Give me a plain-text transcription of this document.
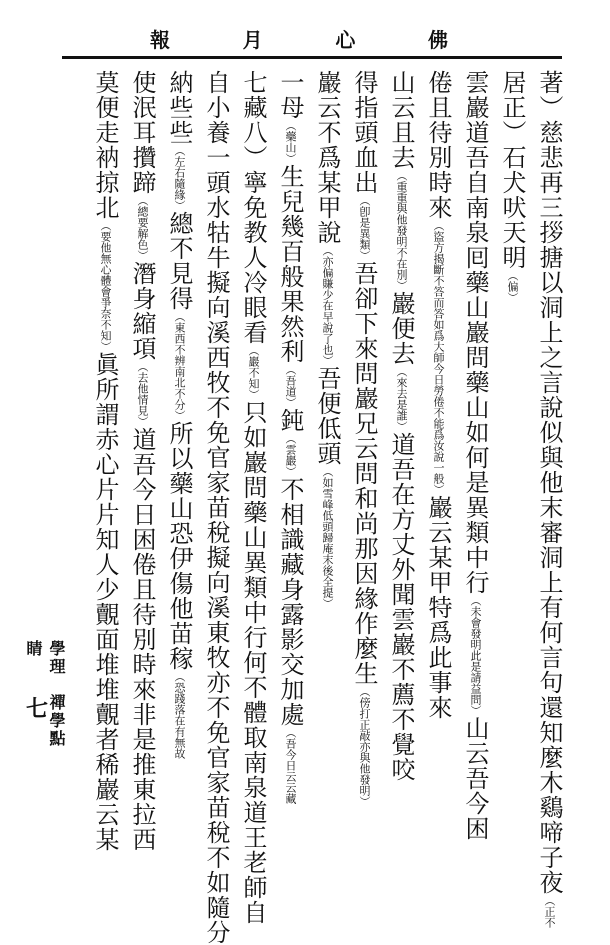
報	月	心	佛
著）慈悲再三拶搪以洞上之言說似與他末審洞上有何言句還知麼木鷄啼子夜（正不
居正）石犬吠天明（偏）
雲巖道吾自南泉囘藥山巖問藥山如何是異類中行（未會發明此是請益問）山云吾今困
倦且待別時來（盜方揭斷不答而答如爲大師今日勞倦不能爲汝說一般）巖云某甲特爲此事來
山云且去（重重與他發明不在別）巖便去（來去是誰）道吾在方丈外聞雲巖不薦不覺咬
得指頭血出（卽是異類）吾卻下來問巖兄云問和尚那因緣作麼生（傍打正敲亦與他發明）
巖云不爲某甲說（亦偏賺少在早說了也）吾便低頭（如雪峰低頭歸庵末後全提）
一母（藥山）生兒幾百般果然利（吾道）鈍（雲巖）不相識藏身露影交加處（吾今日云云藏
七藏八）寧免教人冷眼看（巖不知）只如巖問藥山異類中行何不體取南泉道王老師自
自小養一頭水牯牛擬向溪西牧不免官家苗稅擬向溪東牧亦不免官家苗稅不如隨分
納些些（左右隨緣）總不見得（東西不辨南北不分）所以藥山恐伊傷他苗稼（恐踐落在有無故
使泯耳攢蹄（總要解色）潛身縮項（去他情見）道吾今日困倦且待別時來非是推東拉西
莫便走衲掠北（要他無心體會爭奈不知）眞所謂赤心片片知人少覿面堆堆覿者稀巖云某
學理　禪學點睛
七
